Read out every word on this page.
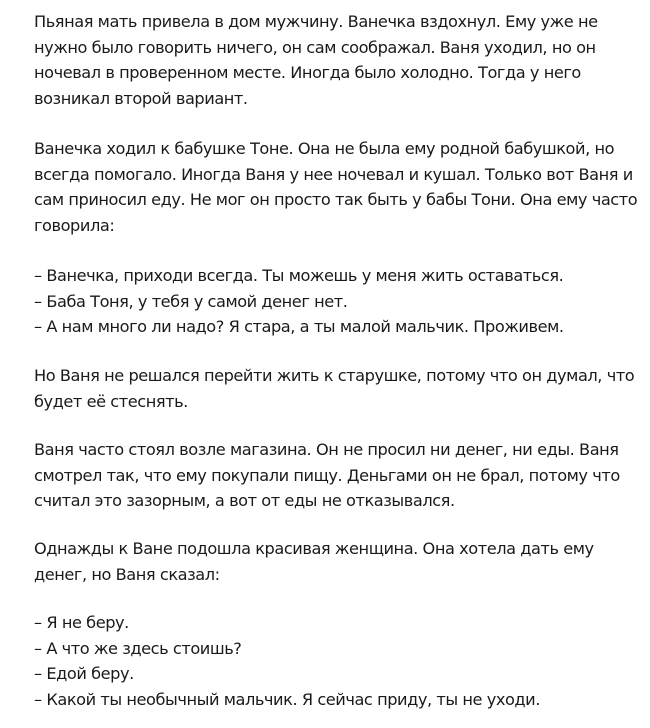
Пьяная мать привела в дом мужчину. Ванечка вздохнул. Ему уже не
нужно было говорить ничего, он сам соображал. Ваня уходил, но он
ночевал в проверенном месте. Иногда было холодно. Тогда у него
возникал второй вариант.

Ванечка ходил к бабушке Тоне. Она не была ему родной бабушкой, но
всегда помогало. Иногда Ваня у нее ночевал и кушал. Только вот Ваня и
сам приносил еду. Не мог он просто так быть у бабы Тони. Она ему часто
говорила:

– Ванечка, приходи всегда. Ты можешь у меня жить оставаться.
– Баба Тоня, у тебя у самой денег нет.
– А нам много ли надо? Я стара, а ты малой мальчик. Проживем.

Но Ваня не решался перейти жить к старушке, потому что он думал, что
будет её стеснять.

Ваня часто стоял возле магазина. Он не просил ни денег, ни еды. Ваня
смотрел так, что ему покупали пищу. Деньгами он не брал, потому что
считал это зазорным, а вот от еды не отказывался.

Однажды к Ване подошла красивая женщина. Она хотела дать ему
денег, но Ваня сказал:

– Я не беру.
– А что же здесь стоишь?
– Едой беру.
– Какой ты необычный мальчик. Я сейчас приду, ты не уходи.
